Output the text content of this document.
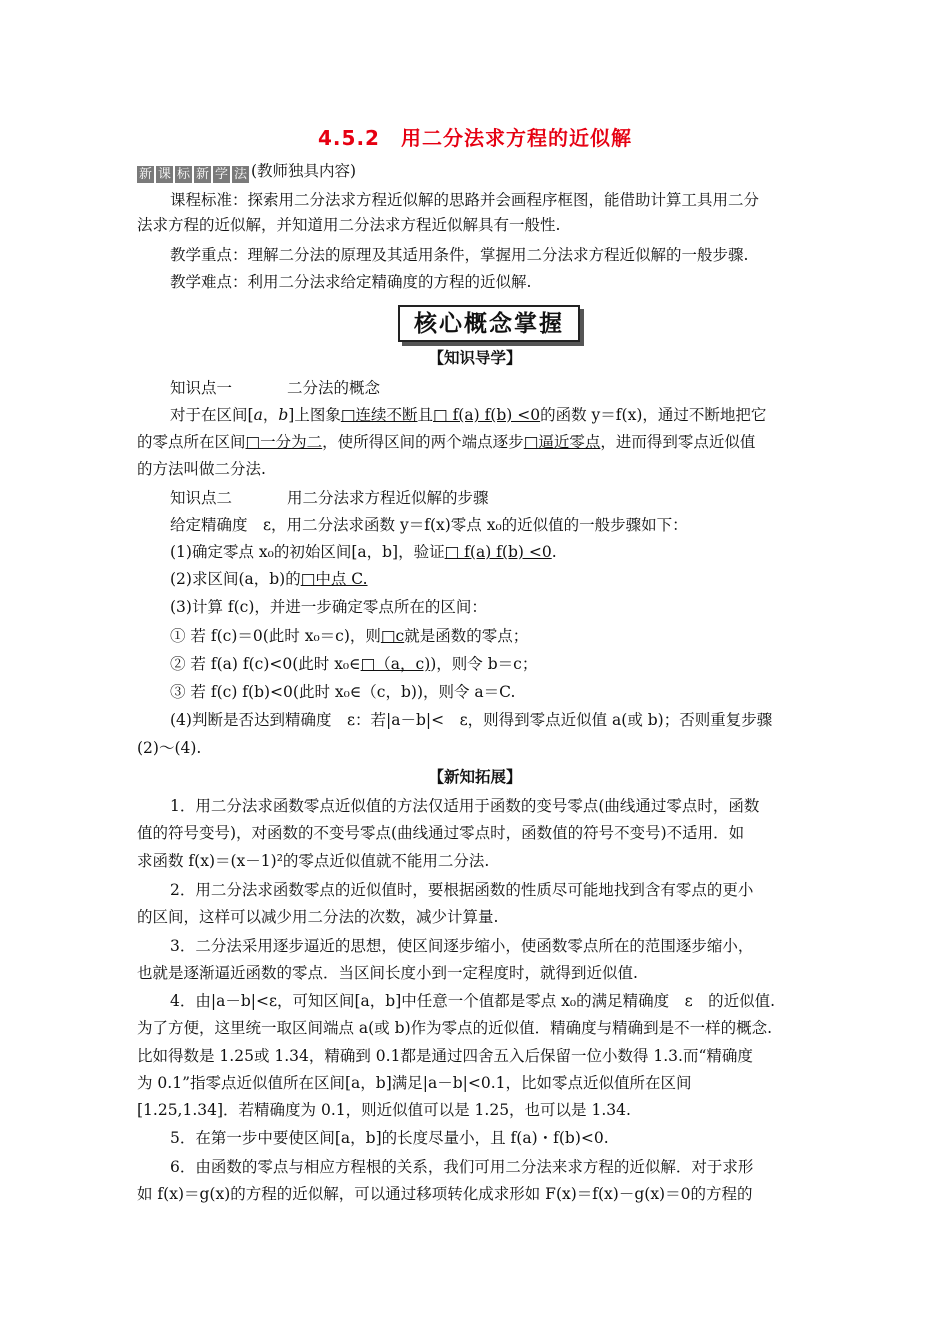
4.5.2　用二分法求方程的近似解
新 课 标 新 学 法 (教师独具内容)
课程标准：探索用二分法求方程近似解的思路并会画程序框图，能借助计算工具用二分
法求方程的近似解，并知道用二分法求方程近似解具有一般性.
教学重点：理解二分法的原理及其适用条件，掌握用二分法求方程近似解的一般步骤.
教学难点：利用二分法求给定精确度的方程的近似解.
核心概念掌握
【知识导学】
知识点一	二分法的概念
对于在区间[a，b]上图象□连续不断且□ f(a) f(b) <0的函数 y＝f(x)，通过不断地把它
的零点所在区间□一分为二，使所得区间的两个端点逐步□逼近零点，进而得到零点近似值
的方法叫做二分法.
知识点二	用二分法求方程近似解的步骤
给定精确度　ε，用二分法求函数 y＝f(x)零点 x₀的近似值的一般步骤如下：
(1)确定零点 x₀的初始区间[a，b]，验证□ f(a) f(b) <0.
(2)求区间(a，b)的□中点 C.
(3)计算 f(c)，并进一步确定零点所在的区间：
① 若 f(c)＝0(此时 x₀＝c)，则□c就是函数的零点；
② 若 f(a) f(c)<0(此时 x₀∈□（a，c))，则令 b＝c；
③ 若 f(c) f(b)<0(此时 x₀∈（c，b))，则令 a＝C.
(4)判断是否达到精确度　ε：若|a－b|<　ε，则得到零点近似值 a(或 b)；否则重复步骤
(2)～(4).
【新知拓展】
1．用二分法求函数零点近似值的方法仅适用于函数的变号零点(曲线通过零点时，函数
值的符号变号)，对函数的不变号零点(曲线通过零点时，函数值的符号不变号)不适用．如
求函数 f(x)＝(x－1)²的零点近似值就不能用二分法.
2．用二分法求函数零点的近似值时，要根据函数的性质尽可能地找到含有零点的更小
的区间，这样可以减少用二分法的次数，减少计算量.
3．二分法采用逐步逼近的思想，使区间逐步缩小，使函数零点所在的范围逐步缩小，
也就是逐渐逼近函数的零点．当区间长度小到一定程度时，就得到近似值.
4．由|a－b|<ε，可知区间[a，b]中任意一个值都是零点 x₀的满足精确度　ε　的近似值.
为了方便，这里统一取区间端点 a(或 b)作为零点的近似值．精确度与精确到是不一样的概念.
比如得数是 1.25或 1.34，精确到 0.1都是通过四舍五入后保留一位小数得 1.3.而“精确度
为 0.1”指零点近似值所在区间[a，b]满足|a－b|<0.1，比如零点近似值所在区间
[1.25,1.34]．若精确度为 0.1，则近似值可以是 1.25，也可以是 1.34.
5．在第一步中要使区间[a，b]的长度尽量小，且 f(a)・f(b)<0.
6．由函数的零点与相应方程根的关系，我们可用二分法来求方程的近似解．对于求形
如 f(x)＝g(x)的方程的近似解，可以通过移项转化成求形如 F(x)＝f(x)－g(x)＝0的方程的
